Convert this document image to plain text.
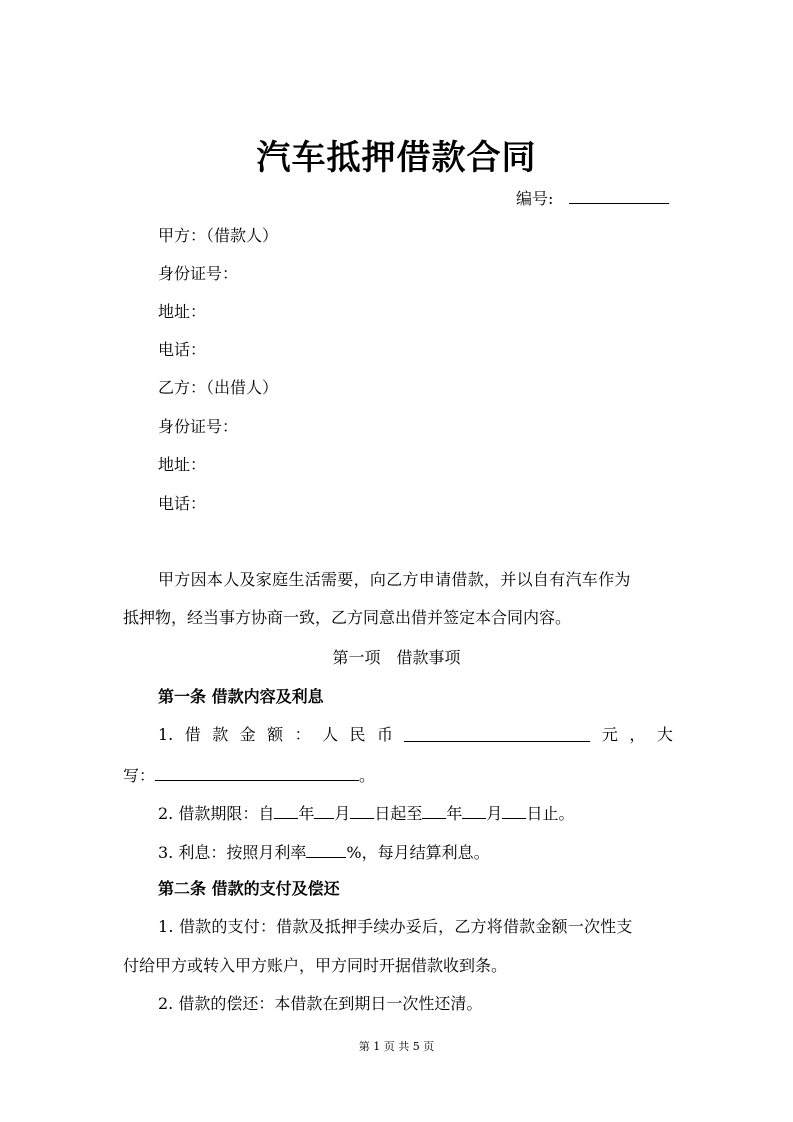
汽车抵押借款合同
编号:
甲方：（借款人）
身份证号：
地址：
电话：
乙方：（出借人）
身份证号：
地址：
电话：
甲方因本人及家庭生活需要，向乙方申请借款，并以自有汽车作为
抵押物，经当事方协商一致，乙方同意出借并签定本合同内容。
第一项　借款事项
第一条 借款内容及利息
1. 借 款 金 额 ： 人 民 币	元 ， 大
写：	。
2. 借款期限：自 年 月 日起至 年 月 日止。
3. 利息：按照月利率	%，每月结算利息。
第二条 借款的支付及偿还
1. 借款的支付：借款及抵押手续办妥后，乙方将借款金额一次性支
付给甲方或转入甲方账户，甲方同时开据借款收到条。
2. 借款的偿还：本借款在到期日一次性还清。
第 1 页 共 5 页
